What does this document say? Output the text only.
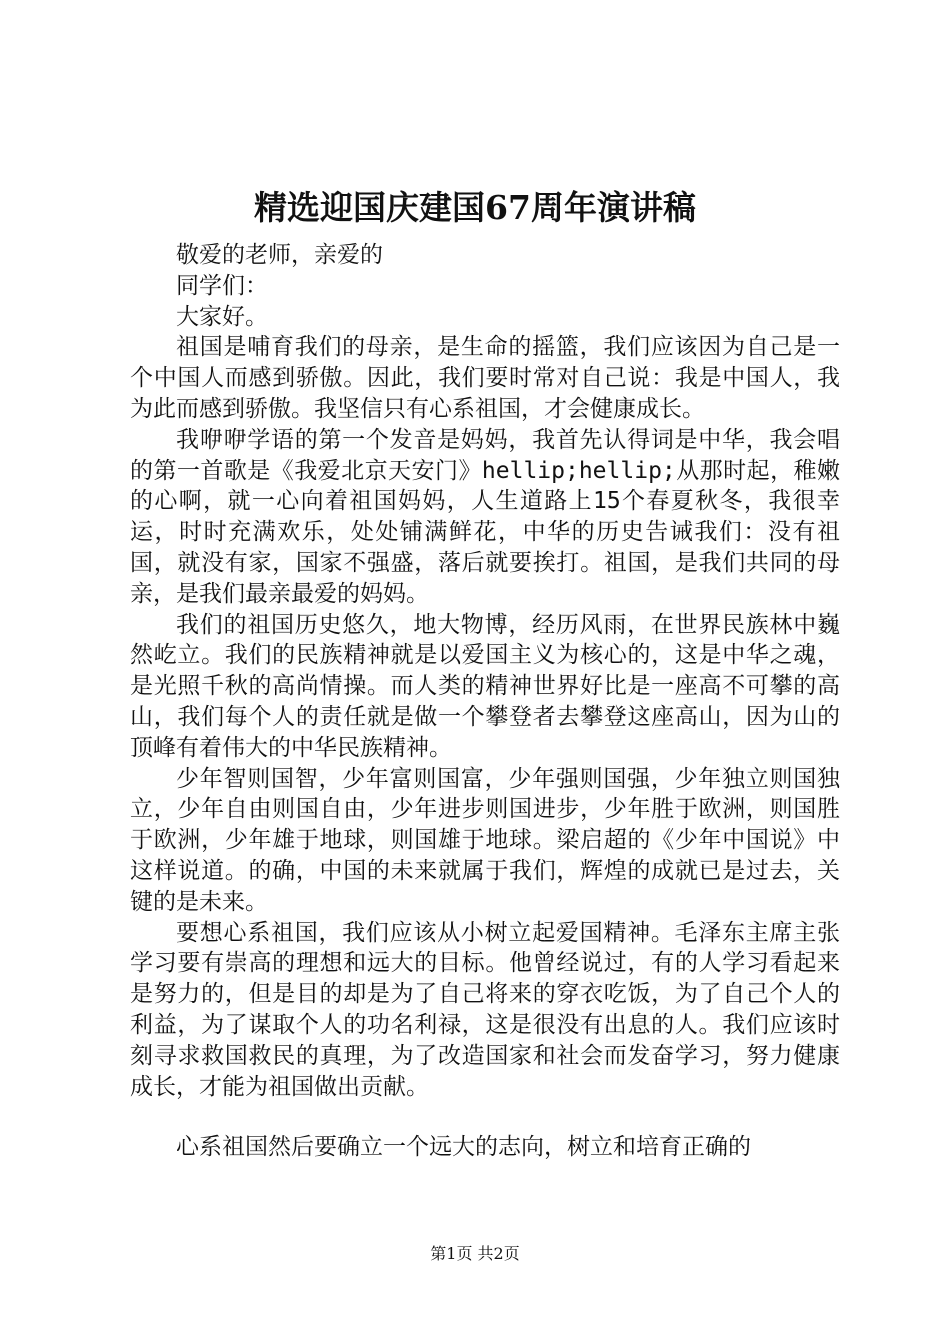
精选迎国庆建国67周年演讲稿

敬爱的老师，亲爱的

同学们：

大家好。

祖国是哺育我们的母亲，是生命的摇篮，我们应该因为自己是一个中国人而感到骄傲。因此，我们要时常对自己说：我是中国人，我为此而感到骄傲。我坚信只有心系祖国，才会健康成长。

我咿咿学语的第一个发音是妈妈，我首先认得词是中华，我会唱的第一首歌是《我爱北京天安门》hellip;hellip;从那时起，稚嫩的心啊，就一心向着祖国妈妈，人生道路上15个春夏秋冬，我很幸运，时时充满欢乐，处处铺满鲜花，中华的历史告诫我们：没有祖国，就没有家，国家不强盛，落后就要挨打。祖国，是我们共同的母亲，是我们最亲最爱的妈妈。

我们的祖国历史悠久，地大物博，经历风雨，在世界民族林中巍然屹立。我们的民族精神就是以爱国主义为核心的，这是中华之魂，是光照千秋的高尚情操。而人类的精神世界好比是一座高不可攀的高山，我们每个人的责任就是做一个攀登者去攀登这座高山，因为山的顶峰有着伟大的中华民族精神。

少年智则国智，少年富则国富，少年强则国强，少年独立则国独立，少年自由则国自由，少年进步则国进步，少年胜于欧洲，则国胜于欧洲，少年雄于地球，则国雄于地球。梁启超的《少年中国说》中这样说道。的确，中国的未来就属于我们，辉煌的成就已是过去，关键的是未来。

要想心系祖国，我们应该从小树立起爱国精神。毛泽东主席主张学习要有崇高的理想和远大的目标。他曾经说过，有的人学习看起来是努力的，但是目的却是为了自己将来的穿衣吃饭，为了自己个人的利益，为了谋取个人的功名利禄，这是很没有出息的人。我们应该时刻寻求救国救民的真理，为了改造国家和社会而发奋学习，努力健康成长，才能为祖国做出贡献。

心系祖国然后要确立一个远大的志向，树立和培育正确的

第1页 共2页
